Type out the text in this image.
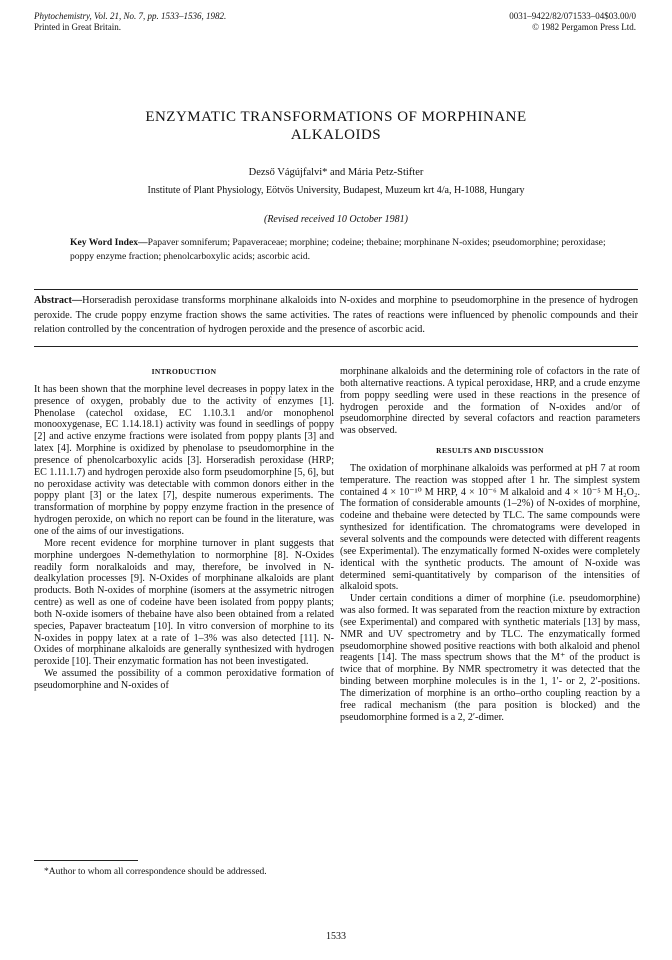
Phytochemistry, Vol. 21, No. 7, pp. 1533–1536, 1982.
Printed in Great Britain.
0031–9422/82/071533–04$03.00/0
© 1982 Pergamon Press Ltd.
ENZYMATIC TRANSFORMATIONS OF MORPHINANE
ALKALOIDS
Dezső Vágújfalvi* and Mária Petz-Stifter
Institute of Plant Physiology, Eötvös University, Budapest, Muzeum krt 4/a, H-1088, Hungary
(Revised received 10 October 1981)
Key Word Index—Papaver somniferum; Papaveraceae; morphine; codeine; thebaine; morphinane N-oxides; pseudomorphine; peroxidase; poppy enzyme fraction; phenolcarboxylic acids; ascorbic acid.
Abstract—Horseradish peroxidase transforms morphinane alkaloids into N-oxides and morphine to pseudomorphine in the presence of hydrogen peroxide. The crude poppy enzyme fraction shows the same activities. The rates of reactions were influenced by phenolic compounds and their relation controlled by the concentration of hydrogen peroxide and the presence of ascorbic acid.
INTRODUCTION

It has been shown that the morphine level decreases in poppy latex in the presence of oxygen, probably due to the activity of enzymes [1]. Phenolase (catechol oxidase, EC 1.10.3.1 and/or monophenol monooxygenase, EC 1.14.18.1) activity was found in seedlings of poppy [2] and active enzyme fractions were isolated from poppy plants [3] and latex [4]. Morphine is oxidized by phenolase to pseudomorphine in the presence of phenolcarboxylic acids [3]. Horseradish peroxidase (HRP; EC 1.11.1.7) and hydrogen peroxide also form pseudomorphine [5, 6], but no peroxidase activity was detectable with common donors either in the poppy plant [3] or the latex [7], despite numerous experiments. The transformation of morphine by poppy enzyme fraction in the presence of hydrogen peroxide, on which no report can be found in the literature, was one of the aims of our investigations.

More recent evidence for morphine turnover in plant suggests that morphine undergoes N-demethylation to normorphine [8]. N-Oxides readily form noralkaloids and may, therefore, be involved in N-dealkylation processes [9]. N-Oxides of morphinane alkaloids are plant products. Both N-oxides of morphine (isomers at the assymetric nitrogen centre) as well as one of codeine have been isolated from poppy plants; both N-oxide isomers of thebaine have also been obtained from a related species, Papaver bracteatum [10]. In vitro conversion of morphine to its N-oxides in poppy latex at a rate of 1–3% was also detected [11]. N-Oxides of morphinane alkaloids are generally synthesized with hydrogen peroxide [10]. Their enzymatic formation has not been investigated.

We assumed the possibility of a common peroxidative formation of pseudomorphine and N-oxides of

morphinane alkaloids and the determining role of cofactors in the rate of both alternative reactions. A typical peroxidase, HRP, and a crude enzyme from poppy seedling were used in these reactions in the presence of hydrogen peroxide and the formation of N-oxides and/or of pseudomorphine directed by several cofactors and reaction parameters was observed.

RESULTS AND DISCUSSION

The oxidation of morphinane alkaloids was performed at pH 7 at room temperature. The reaction was stopped after 1 hr. The simplest system contained 4 × 10⁻¹⁰ M HRP, 4 × 10⁻⁶ M alkaloid and 4 × 10⁻⁵ M H₂O₂. The formation of considerable amounts (1–2%) of N-oxides of morphine, codeine and thebaine were detected by TLC. The same compounds were synthesized for identification. The chromatograms were developed in several solvents and the compounds were detected with different reagents (see Experimental). The enzymatically formed N-oxides were completely identical with the synthetic products. The amount of N-oxide was determined semi-quantitatively by comparison of the intensities of alkaloid spots.

Under certain conditions a dimer of morphine (i.e. pseudomorphine) was also formed. It was separated from the reaction mixture by extraction (see Experimental) and compared with synthetic materials [13] by mass, NMR and UV spectrometry and by TLC. The enzymatically formed pseudomorphine showed positive reactions with both alkaloid and phenol reagents [14]. The mass spectrum shows that the M⁺ of the product is twice that of morphine. By NMR spectrometry it was detected that the binding between morphine molecules is in the 1, 1′- or 2, 2′-positions. The dimerization of morphine is an ortho–ortho coupling reaction by a free radical mechanism (the para position is blocked) and the pseudomorphine formed is a 2, 2′-dimer.

*Author to whom all correspondence should be addressed.
1533
